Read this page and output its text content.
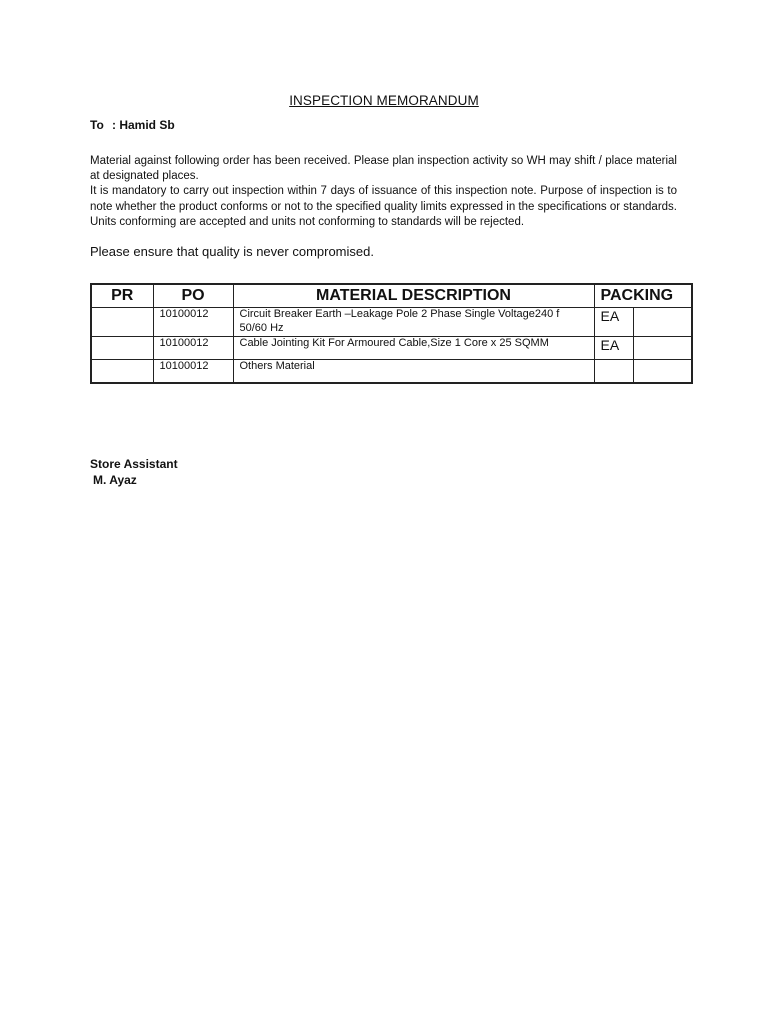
INSPECTION MEMORANDUM
To : Hamid Sb

Material against following order has been received. Please plan inspection activity so WH may shift / place material at designated places.

It is mandatory to carry out inspection within 7 days of issuance of this inspection note. Purpose of inspection is to note whether the product conforms or not to the specified quality limits expressed in the specifications or standards. Units conforming are accepted and units not conforming to standards will be rejected.

Please ensure that quality is never compromised.
PR	PO	MATERIAL DESCRIPTION	PACKING	
	10100012	Circuit Breaker Earth –Leakage Pole 2 Phase Single Voltage240 f 50/60 Hz	EA	
	10100012	Cable Jointing Kit For Armoured Cable,Size 1 Core x 25 SQMM	EA	
	10100012	Others Material		
Store Assistant
M. Ayaz
